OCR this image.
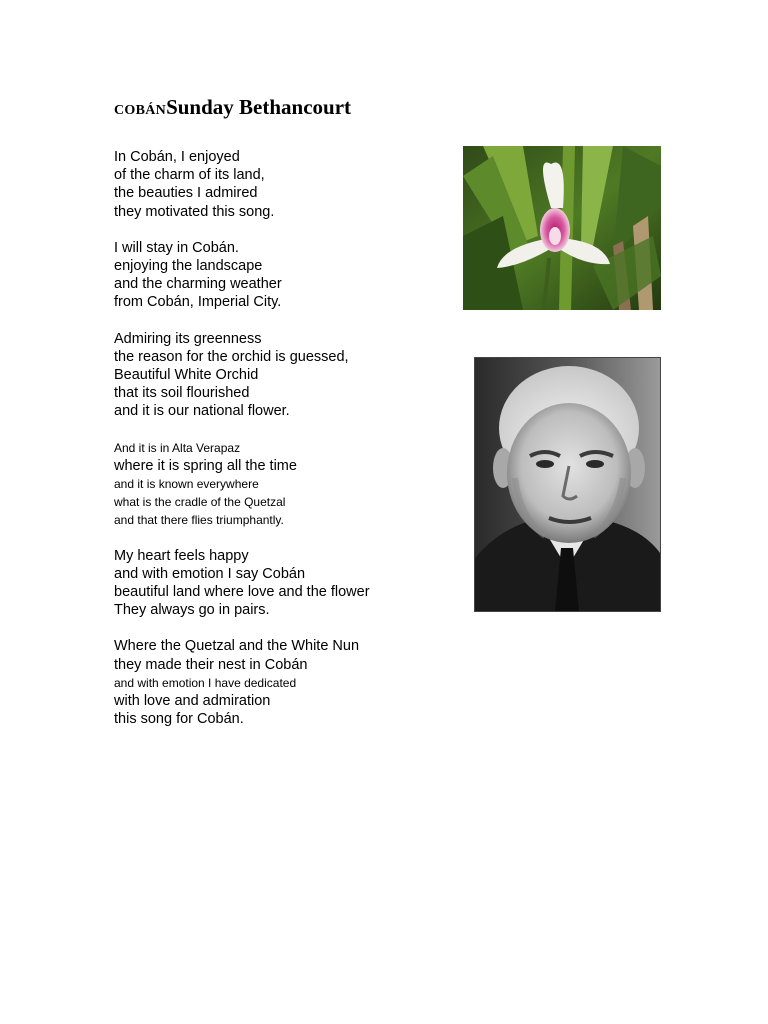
COBÁNSunday Bethancourt
In Cobán, I enjoyed
of the charm of its land,
the beauties I admired
they motivated this song.
I will stay in Cobán.
enjoying the landscape
and the charming weather
from Cobán, Imperial City.
Admiring its greenness
the reason for the orchid is guessed,
Beautiful White Orchid
that its soil flourished
and it is our national flower.
And it is in Alta Verapaz
where it is spring all the time
and it is known everywhere
what is the cradle of the Quetzal
and that there flies triumphantly.
My heart feels happy
and with emotion I say Cobán
beautiful land where love and the flower
They always go in pairs.
Where the Quetzal and the White Nun
they made their nest in Cobán
and with emotion I have dedicated
with love and admiration
this song for Cobán.
